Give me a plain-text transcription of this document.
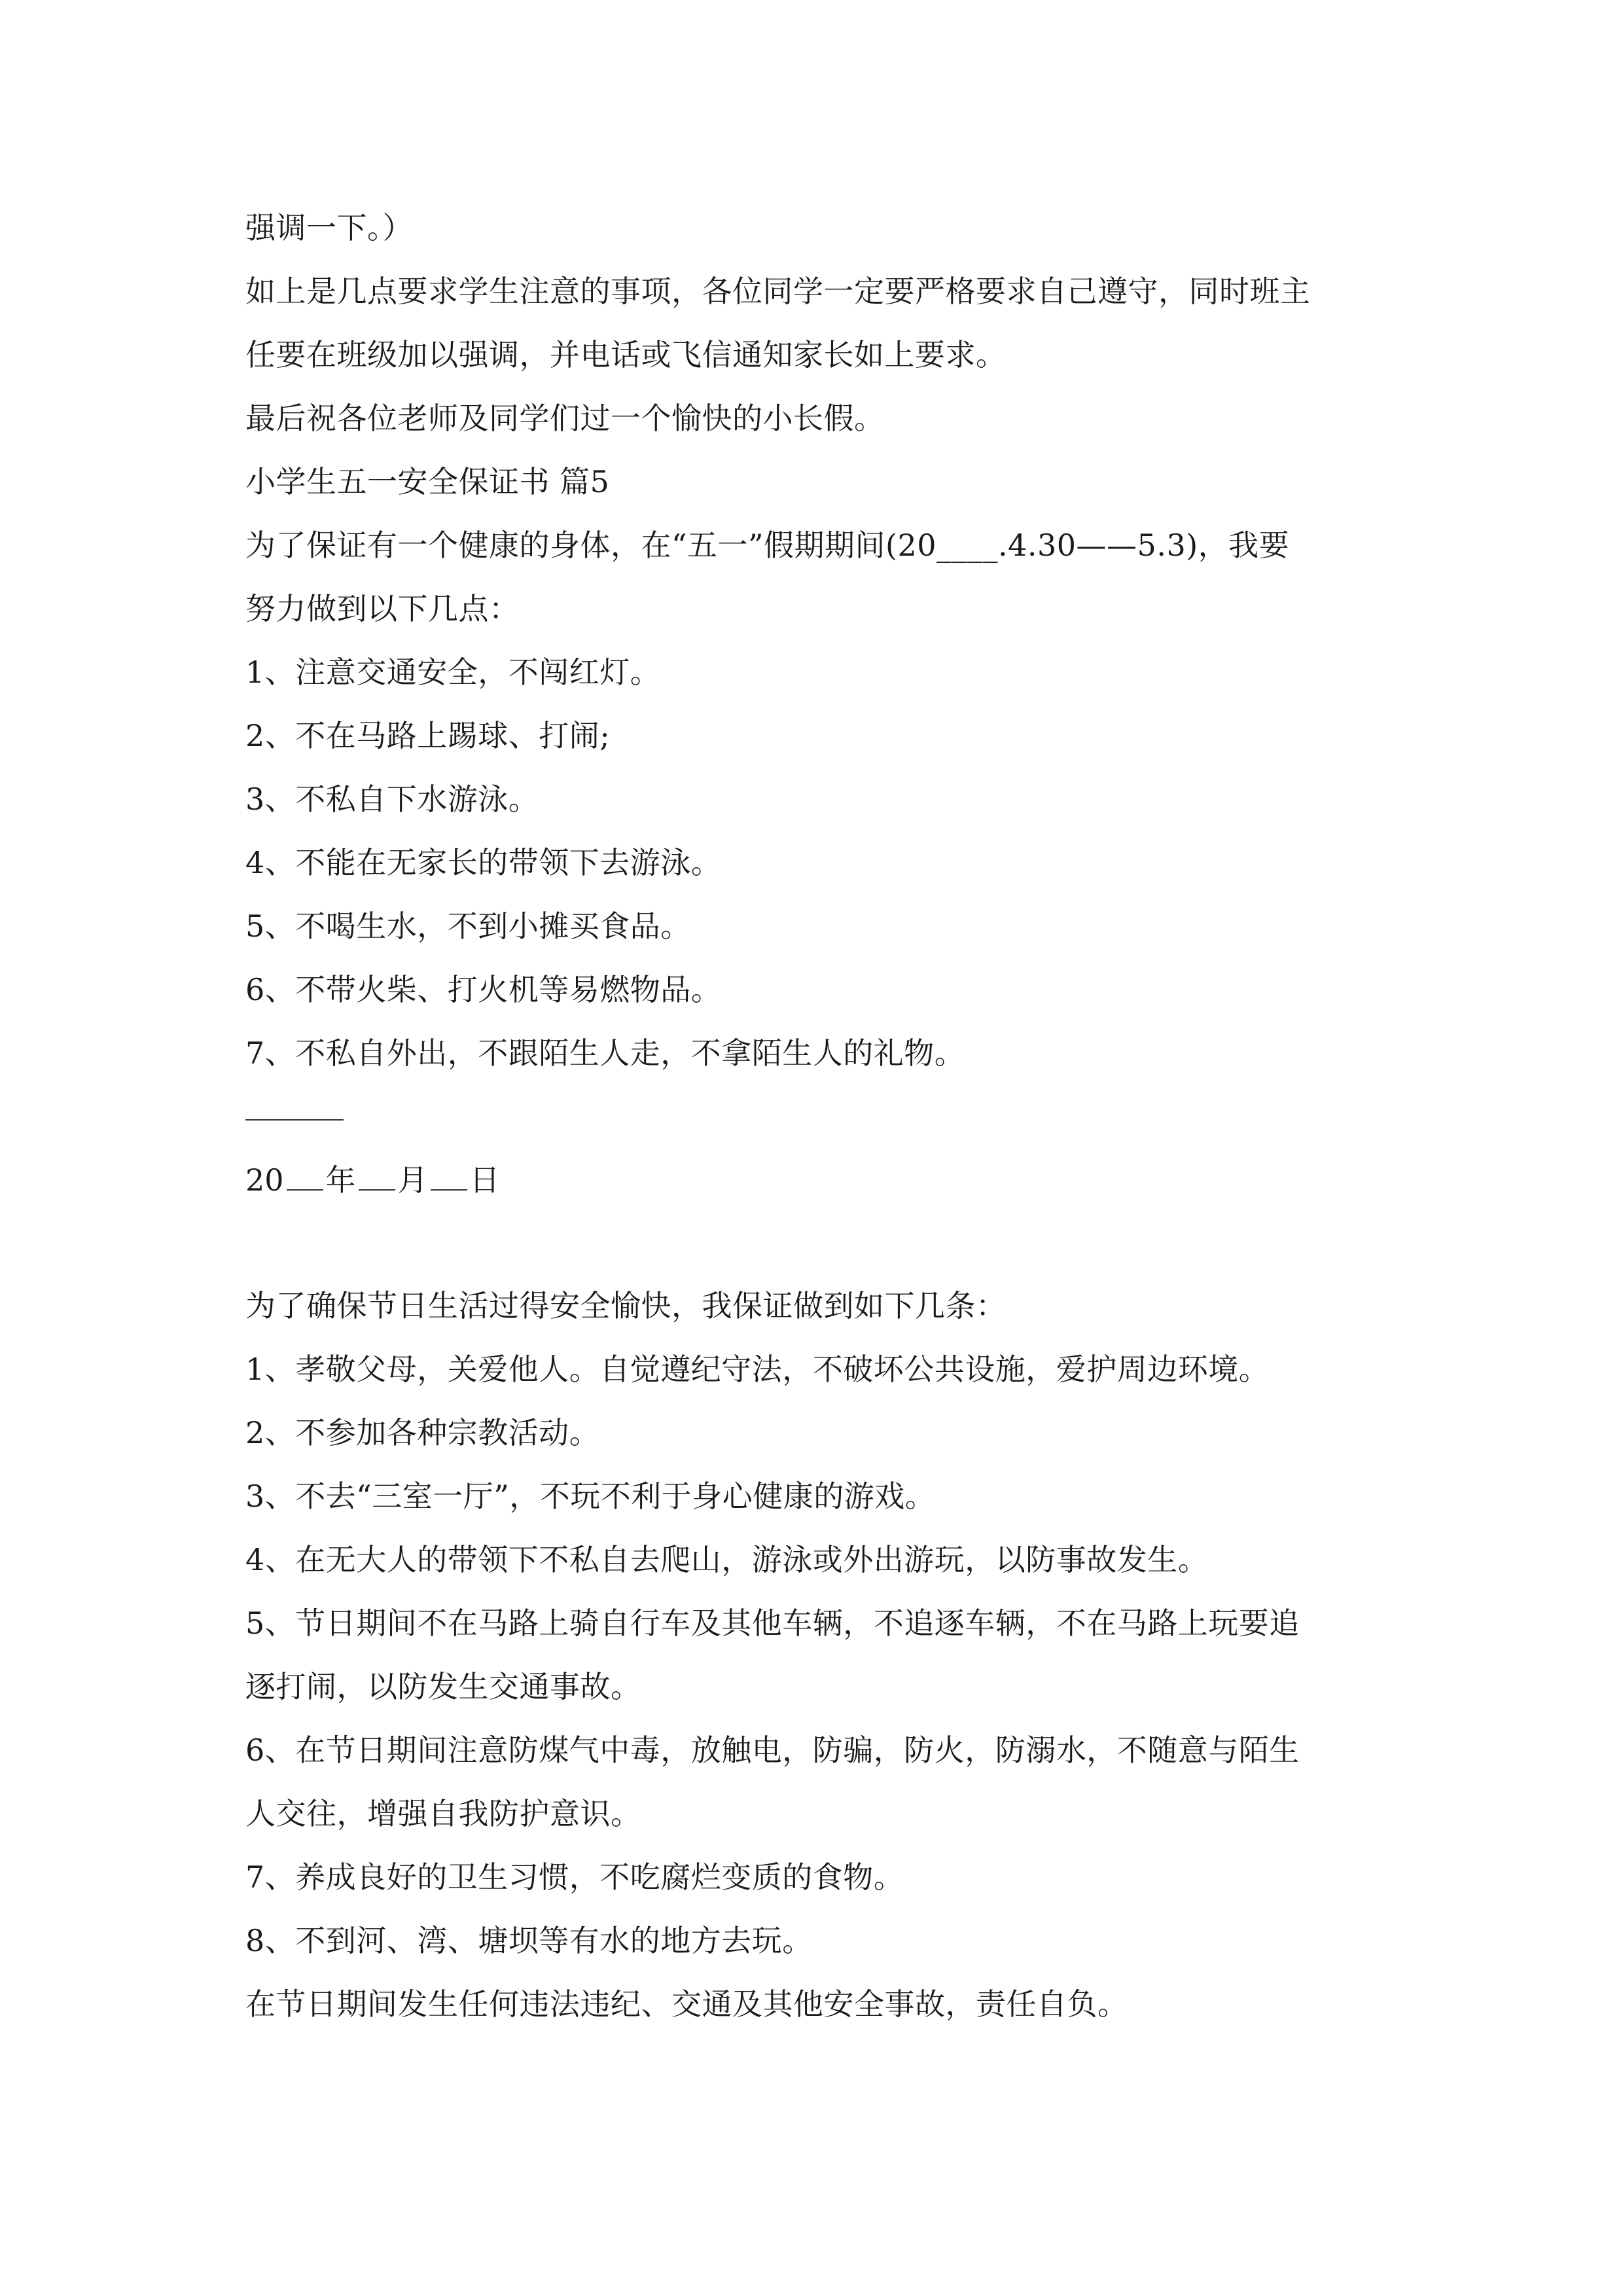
强调一下。）
如上是几点要求学生注意的事项，各位同学一定要严格要求自己遵守，同时班主
任要在班级加以强调，并电话或飞信通知家长如上要求。
最后祝各位老师及同学们过一个愉快的小长假。
小学生五一安全保证书 篇5
为了保证有一个健康的身体，在“五一”假期期间(20____.4.30——5.3)，我要
努力做到以下几点：
1、注意交通安全，不闯红灯。
2、不在马路上踢球、打闹;
3、不私自下水游泳。
4、不能在无家长的带领下去游泳。
5、不喝生水，不到小摊买食品。
6、不带火柴、打火机等易燃物品。
7、不私自外出，不跟陌生人走，不拿陌生人的礼物。
20 年 月 日
为了确保节日生活过得安全愉快，我保证做到如下几条：
1、孝敬父母，关爱他人。自觉遵纪守法，不破坏公共设施，爱护周边环境。
2、不参加各种宗教活动。
3、不去“三室一厅”，不玩不利于身心健康的游戏。
4、在无大人的带领下不私自去爬山，游泳或外出游玩，以防事故发生。
5、节日期间不在马路上骑自行车及其他车辆，不追逐车辆，不在马路上玩要追
逐打闹，以防发生交通事故。
6、在节日期间注意防煤气中毒，放触电，防骗，防火，防溺水，不随意与陌生
人交往，增强自我防护意识。
7、养成良好的卫生习惯，不吃腐烂变质的食物。
8、不到河、湾、塘坝等有水的地方去玩。
在节日期间发生任何违法违纪、交通及其他安全事故，责任自负。
